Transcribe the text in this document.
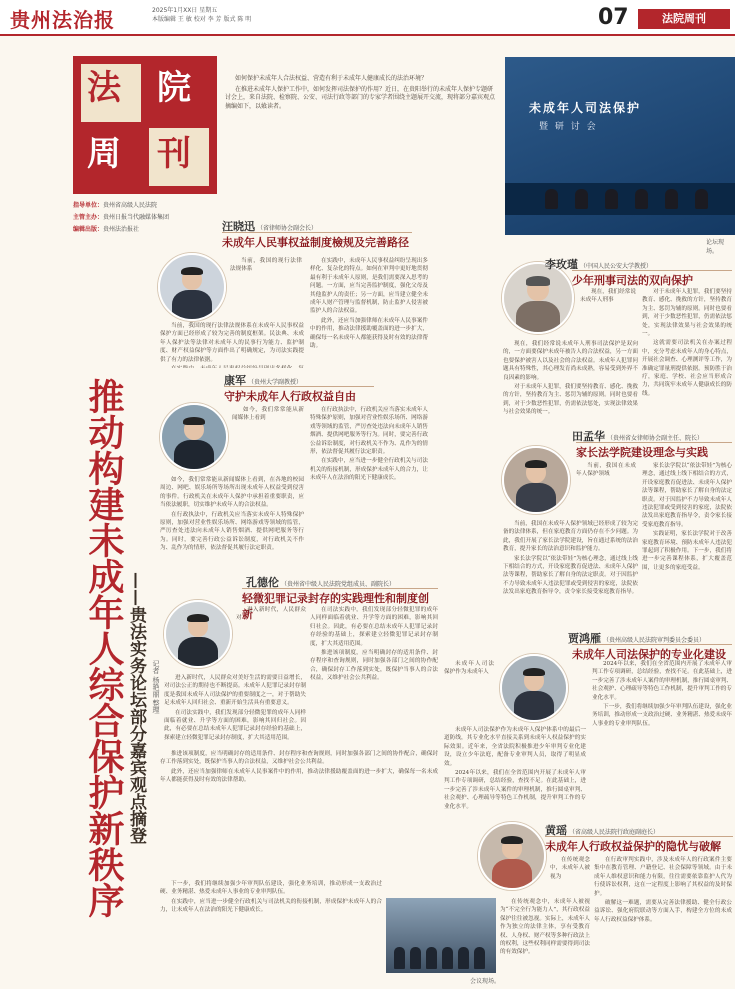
贵州法治报	2025年1月XX日 星期五
本版编辑 王 敏 校对 李 芳 版式 陈 明	07	法院周刊
法 院
周 刊
指导单位：贵州省高级人民法院
主管主办：贵州日报当代融媒体集团
编辑出版：贵州法治报社

如何保护未成年人合法权益、营造有利于未成年人健康成长的法治环境？

在推进未成年人保护工作中，如何发挥司法保护的作用？近日，在贵阳举行的未成年人保护专题研讨会上，来自法院、检察院、公安、司法行政等部门的专家学者围绕主题展开交流，现将部分嘉宾观点摘编如下，以飨读者。	未成年人司法保护
暨 研 讨 会
论坛现场。
推动构建未成年人综合保护新秩序 ——贵法实务论坛部分嘉宾观点摘登 记者 杨艳丽 整理
汪晓迅 （省律师协会副会长）
未成年人民事权益制度檢规及完善路径

当前，我国的现行法律法规体系

当前，我国的现行法律法规体系在未成年人民事权益保护方面已经形成了较为完善的制度框架。民法典、未成年人保护法等法律对未成年人的民事行为能力、监护制度、财产权益保护等方面作出了明确规定，为司法实践提供了有力的法律依据。

在实践中，未成年人民事权益纠纷呈现出多样化、复杂化的特点。如何在审判中更好地贯彻最有利于未成年人原则，是我们需要深入思考的问题。一方面，应当完善监护制度，强化父母及其他监护人的责任；另一方面，应当建立健全未成年人财产管理与监督机制，防止监护人侵害被监护人的合法权益。

此外，还应当加强律师在未成年人民事案件中的作用，推动法律援助覆盖面的进一步扩大，确保每一名未成年人都能获得及时有效的法律帮助。

李玫瑾 （中国人民公安大学教授）
少年刑事司法的双向保护

现在，我们经常说未成年人刑事

现在，我们经常说未成年人刑事司法保护是双向的，一方面要保护未成年被告人的合法权益，另一方面也要保护被害人以及社会的合法权益。未成年人犯罪问题具有特殊性，其心理发育尚未成熟，容易受到外界不良因素的影响。

对于未成年人犯罪，我们要坚持教育、感化、挽救的方针，坚持教育为主、惩罚为辅的原则。同时也要看到，对于少数恶性犯罪，仍需依法惩处，实现法律效果与社会效果的统一。

对于未成年人犯罪，我们要坚持教育、感化、挽救的方针，坚持教育为主、惩罚为辅的原则。同时也要看到，对于少数恶性犯罪，仍需依法惩处，实现法律效果与社会效果的统一。

这就需要司法机关在办案过程中，充分考虑未成年人的身心特点，开展社会调查、心理测评等工作，为准确定罪量刑提供依据。预防胜于治疗，家庭、学校、社会应当形成合力，共同筑牢未成年人健康成长的防线。

康军 （贵州大学副教授）
守护未成年人行政权益自由

如今，我们常常能从新闻媒体上看到

如今，我们常常能从新闻媒体上看到，在各地的校园周边、网吧、娱乐场所等场所出现未成年人权益受到侵害的事件。行政机关在未成年人保护中承担着重要职责，应当依法履职，切实维护未成年人的合法权益。

在行政执法中，行政机关应当落实未成年人特殊保护原则，加强对营业性娱乐场所、网络游戏等领域的监管，严厉查处违法向未成年人销售烟酒、提供网吧服务等行为。同时，要完善行政公益诉讼制度，对行政机关不作为、乱作为的情形，依法督促其履行法定职责。

在行政执法中，行政机关应当落实未成年人特殊保护原则，加强对营业性娱乐场所、网络游戏等领域的监管，严厉查处违法向未成年人销售烟酒、提供网吧服务等行为。同时，要完善行政公益诉讼制度，对行政机关不作为、乱作为的情形，依法督促其履行法定职责。

在实践中，应当进一步健全行政机关与司法机关的衔接机制，形成保护未成年人的合力，让未成年人在法治的阳光下健康成长。

田孟华 （贵州省女律师协会副主任、院长）
家长法学院建设理念与实践

当前，我国在未成年人保护领域

当前，我国在未成年人保护领域已经形成了较为完备的法律体系，但在家庭教育方面仍存在不少问题。为此，我们开展了家长法学院建设，旨在通过系统的法治教育，提升家长的法治意识和监护能力。

家长法学院以“依法带娃”为核心理念，通过线上线下相结合的方式，开设家庭教育促进法、未成年人保护法等课程，帮助家长了解自身的法定职责。对于因监护不力导致未成年人违法犯罪或受到侵害的家庭，法院依法发出家庭教育指导令，责令家长接受家庭教育指导。

家长法学院以“依法带娃”为核心理念，通过线上线下相结合的方式，开设家庭教育促进法、未成年人保护法等课程，帮助家长了解自身的法定职责。对于因监护不力导致未成年人违法犯罪或受到侵害的家庭，法院依法发出家庭教育指导令，责令家长接受家庭教育指导。

实践证明，家长法学院对于改善家庭教育环境、预防未成年人违法犯罪起到了积极作用。下一步，我们将进一步完善课程体系，扩大覆盖范围，让更多的家庭受益。

孔德伦 （贵州省中级人民法院党组成员、副院长）
轻微犯罪记录封存的实践理性和制度创新

进入新时代，人民群众对

进入新时代，人民群众对美好生活的需要日益增长，对司法公正的期待也不断提高。未成年人犯罪记录封存制度是我国未成年人司法保护的重要制度之一，对于帮助失足未成年人回归社会、重新开始生活具有重要意义。

在司法实践中，我们发现部分轻微犯罪的成年人同样面临着就业、升学等方面的困难，影响其回归社会。因此，有必要在总结未成年人犯罪记录封存经验的基础上，探索建立轻微犯罪记录封存制度，扩大其适用范围。

在司法实践中，我们发现部分轻微犯罪的成年人同样面临着就业、升学等方面的困难，影响其回归社会。因此，有必要在总结未成年人犯罪记录封存经验的基础上，探索建立轻微犯罪记录封存制度，扩大其适用范围。

推进该项制度，应当明确封存的适用条件、封存程序和查询规则，同时加强各部门之间的协作配合，确保封存工作落到实处，既保护当事人的合法权益，又维护社会公共利益。

贾鸿雁 （贵州高级人民法院审判委员会委员）
未成年人司法保护的专业化建设

未成年人司法保护作为未成年人

未成年人司法保护作为未成年人保护体系中的最后一道防线，其专业化水平直接关系到未成年人权益保护的实际效果。近年来，全省法院积极推进少年审判专业化建设，设立少年法庭，配备专业审判人员，取得了明显成效。

2024年以来，我们在全省范围内开展了未成年人审判工作专项调研，总结经验，查找不足。在此基础上，进一步完善了涉未成年人案件的审理机制，推行圆桌审判、社会观护、心理疏导等特色工作机制，提升审判工作的专业化水平。

2024年以来，我们在全省范围内开展了未成年人审判工作专项调研，总结经验，查找不足。在此基础上，进一步完善了涉未成年人案件的审理机制，推行圆桌审判、社会观护、心理疏导等特色工作机制，提升审判工作的专业化水平。

下一步，我们将继续加强少年审判队伍建设，强化业务培训，推动形成一支政治过硬、业务精湛、热爱未成年人事业的专业审判队伍。

黄瑶 （省高级人民法院行政庭副庭长）
未成年人行政权益保护的隐忧与破解

在传统观念中，未成年人被视为

在传统观念中，未成年人被视为“不完全行为能力人”，其行政权益保护往往被忽视。实际上，未成年人作为独立的法律主体，享有受教育权、人身权、财产权等多种行政法上的权利，这些权利同样需要得到司法的有效保护。

在行政审判实践中，涉及未成年人的行政案件主要集中在教育管理、户籍登记、社会保障等领域。由于未成年人维权意识和能力有限，往往需要依靠监护人代为行使诉讼权利，这在一定程度上影响了其权益的及时保护。

破解这一难题，需要从完善法律援助、健全行政公益诉讼、强化府院联动等方面入手，构建全方位的未成年人行政权益保护体系。

推进该项制度，应当明确封存的适用条件、封存程序和查询规则，同时加强各部门之间的协作配合，确保封存工作落到实处，既保护当事人的合法权益，又维护社会公共利益。

此外，还应当加强律师在未成年人民事案件中的作用，推动法律援助覆盖面的进一步扩大，确保每一名未成年人都能获得及时有效的法律帮助。

下一步，我们将继续加强少年审判队伍建设，强化业务培训，推动形成一支政治过硬、业务精湛、热爱未成年人事业的专业审判队伍。

在实践中，应当进一步健全行政机关与司法机关的衔接机制，形成保护未成年人的合力，让未成年人在法治的阳光下健康成长。

会议现场。
